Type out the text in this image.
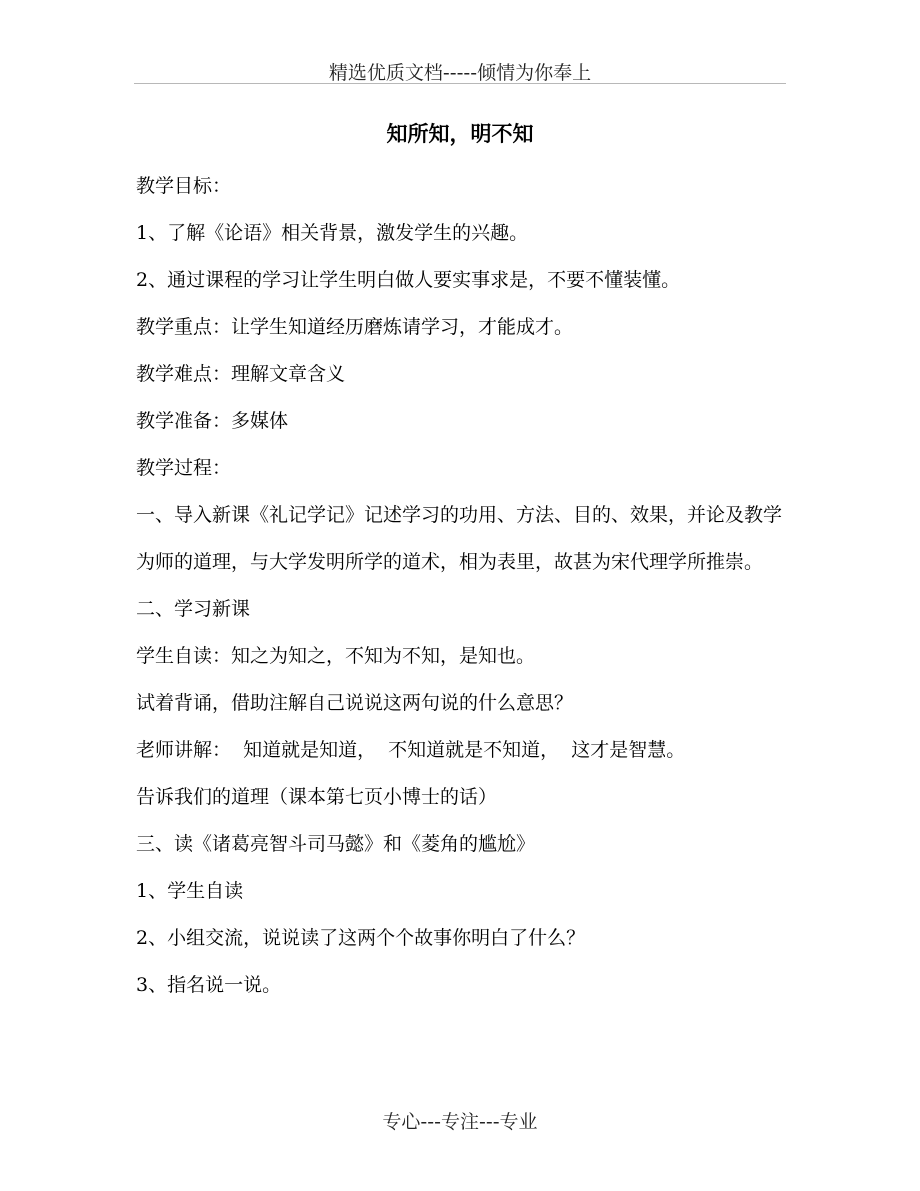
精选优质文档-----倾情为你奉上
知所知，明不知

教学目标：

1、了解《论语》相关背景，激发学生的兴趣。

2、通过课程的学习让学生明白做人要实事求是，不要不懂装懂。

教学重点：让学生知道经历磨炼请学习，才能成才。

教学难点：理解文章含义

教学准备：多媒体

教学过程：

一、导入新课《礼记学记》记述学习的功用、方法、目的、效果，并论及教学为师的道理，与大学发明所学的道术，相为表里，故甚为宋代理学所推崇。

二、学习新课

学生自读：知之为知之，不知为不知，是知也。

试着背诵，借助注解自己说说这两句说的什么意思？

老师讲解：  知道就是知道，  不知道就是不知道，  这才是智慧。

告诉我们的道理（课本第七页小博士的话）

三、读《诸葛亮智斗司马懿》和《菱角的尴尬》

1、学生自读

2、小组交流，说说读了这两个个故事你明白了什么？

3、指名说一说。

专心---专注---专业
